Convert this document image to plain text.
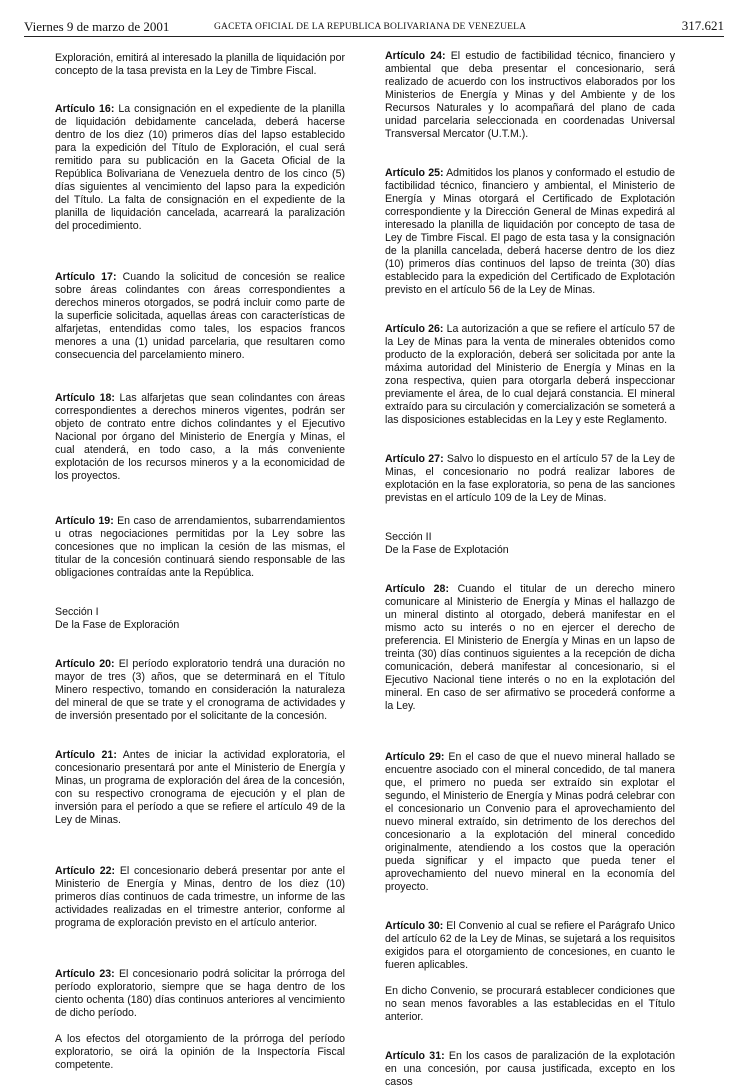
Viernes 9 de marzo de 2001	GACETA OFICIAL DE LA REPUBLICA BOLIVARIANA DE VENEZUELA	317.621

Exploración, emitirá al interesado la planilla de liquidación por concepto de la tasa prevista en la Ley de Timbre Fiscal.

Artículo 16: La consignación en el expediente de la planilla de liquidación debidamente cancelada, deberá hacerse dentro de los diez (10) primeros días del lapso establecido para la expedición del Título de Exploración, el cual será remitido para su publicación en la Gaceta Oficial de la República Bolivariana de Venezuela dentro de los cinco (5) días siguientes al vencimiento del lapso para la expedición del Título. La falta de consignación en el expediente de la planilla de liquidación cancelada, acarreará la paralización del procedimiento.

Artículo 17: Cuando la solicitud de concesión se realice sobre áreas colindantes con áreas correspondientes a derechos mineros otorgados, se podrá incluir como parte de la superficie solicitada, aquellas áreas con características de alfarjetas, entendidas como tales, los espacios francos menores a una (1) unidad parcelaria, que resultaren como consecuencia del parcelamiento minero.

Artículo 18: Las alfarjetas que sean colindantes con áreas correspondientes a derechos mineros vigentes, podrán ser objeto de contrato entre dichos colindantes y el Ejecutivo Nacional por órgano del Ministerio de Energía y Minas, el cual atenderá, en todo caso, a la más conveniente explotación de los recursos mineros y a la economicidad de los proyectos.

Artículo 19: En caso de arrendamientos, subarrendamientos u otras negociaciones permitidas por la Ley sobre las concesiones que no implican la cesión de las mismas, el titular de la concesión continuará siendo responsable de las obligaciones contraídas ante la República.

Sección I

De la Fase de Exploración

Artículo 20: El período exploratorio tendrá una duración no mayor de tres (3) años, que se determinará en el Título Minero respectivo, tomando en consideración la naturaleza del mineral de que se trate y el cronograma de actividades y de inversión presentado por el solicitante de la concesión.

Artículo 21: Antes de iniciar la actividad exploratoria, el concesionario presentará por ante el Ministerio de Energía y Minas, un programa de exploración del área de la concesión, con su respectivo cronograma de ejecución y el plan de inversión para el período a que se refiere el artículo 49 de la Ley de Minas.

Artículo 22: El concesionario deberá presentar por ante el Ministerio de Energía y Minas, dentro de los diez (10) primeros días continuos de cada trimestre, un informe de las actividades realizadas en el trimestre anterior, conforme al programa de exploración previsto en el artículo anterior.

Artículo 23: El concesionario podrá solicitar la prórroga del período exploratorio, siempre que se haga dentro de los ciento ochenta (180) días continuos anteriores al vencimiento de dicho período.

A los efectos del otorgamiento de la prórroga del período exploratorio, se oirá la opinión de la Inspectoría Fiscal competente.

Artículo 24: El estudio de factibilidad técnico, financiero y ambiental que deba presentar el concesionario, será realizado de acuerdo con los instructivos elaborados por los Ministerios de Energía y Minas y del Ambiente y de los Recursos Naturales y lo acompañará del plano de cada unidad parcelaria seleccionada en coordenadas Universal Transversal Mercator (U.T.M.).

Artículo 25: Admitidos los planos y conformado el estudio de factibilidad técnico, financiero y ambiental, el Ministerio de Energía y Minas otorgará el Certificado de Explotación correspondiente y la Dirección General de Minas expedirá al interesado la planilla de liquidación por concepto de tasa de Ley de Timbre Fiscal. El pago de esta tasa y la consignación de la planilla cancelada, deberá hacerse dentro de los diez (10) primeros días continuos del lapso de treinta (30) días establecido para la expedición del Certificado de Explotación previsto en el artículo 56 de la Ley de Minas.

Artículo 26: La autorización a que se refiere el artículo 57 de la Ley de Minas para la venta de minerales obtenidos como producto de la exploración, deberá ser solicitada por ante la máxima autoridad del Ministerio de Energía y Minas en la zona respectiva, quien para otorgarla deberá inspeccionar previamente el área, de lo cual dejará constancia. El mineral extraído para su circulación y comercialización se someterá a las disposiciones establecidas en la Ley y este Reglamento.

Artículo 27: Salvo lo dispuesto en el artículo 57 de la Ley de Minas, el concesionario no podrá realizar labores de explotación en la fase exploratoria, so pena de las sanciones previstas en el artículo 109 de la Ley de Minas.

Sección II

De la Fase de Explotación

Artículo 28: Cuando el titular de un derecho minero comunicare al Ministerio de Energía y Minas el hallazgo de un mineral distinto al otorgado, deberá manifestar en el mismo acto su interés o no en ejercer el derecho de preferencia. El Ministerio de Energía y Minas en un lapso de treinta (30) días continuos siguientes a la recepción de dicha comunicación, deberá manifestar al concesionario, si el Ejecutivo Nacional tiene interés o no en la explotación del mineral. En caso de ser afirmativo se procederá conforme a la Ley.

Artículo 29: En el caso de que el nuevo mineral hallado se encuentre asociado con el mineral concedido, de tal manera que, el primero no pueda ser extraído sin explotar el segundo, el Ministerio de Energía y Minas podrá celebrar con el concesionario un Convenio para el aprovechamiento del nuevo mineral extraído, sin detrimento de los derechos del concesionario a la explotación del mineral concedido originalmente, atendiendo a los costos que la operación pueda significar y el impacto que pueda tener el aprovechamiento del nuevo mineral en la economía del proyecto.

Artículo 30: El Convenio al cual se refiere el Parágrafo Unico del artículo 62 de la Ley de Minas, se sujetará a los requisitos exigidos para el otorgamiento de concesiones, en cuanto le fueren aplicables.

En dicho Convenio, se procurará establecer condiciones que no sean menos favorables a las establecidas en el Título anterior.

Artículo 31: En los casos de paralización de la explotación en una concesión, por causa justificada, excepto en los casos
